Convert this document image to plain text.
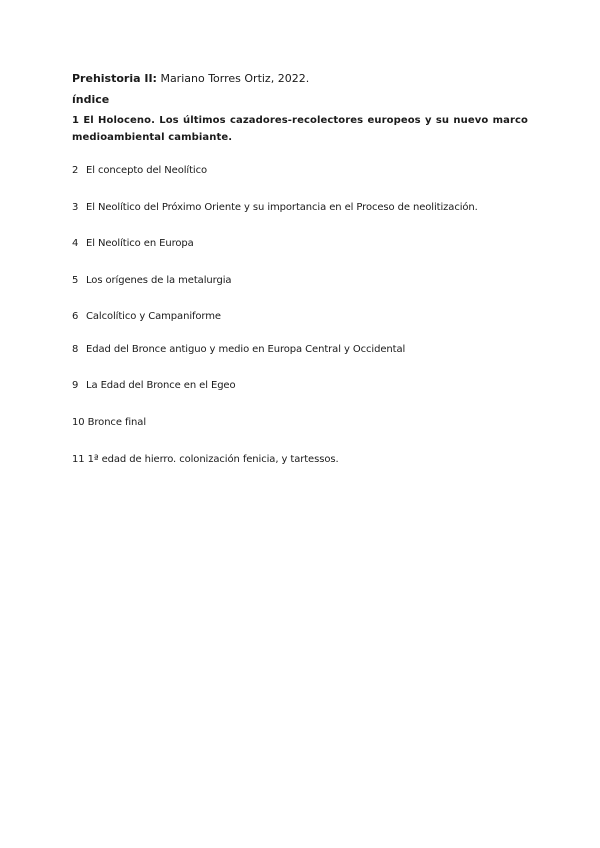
Prehistoria II: Mariano Torres Ortiz, 2022.
índice
1 El Holoceno. Los últimos cazadores-recolectores europeos y su nuevo marco medioambiental cambiante.
2 El concepto del Neolítico
3 El Neolítico del Próximo Oriente y su importancia en el Proceso de neolitización.
4 El Neolítico en Europa
5 Los orígenes de la metalurgia
6 Calcolítico y Campaniforme
8 Edad del Bronce antiguo y medio en Europa Central y Occidental
9 La Edad del Bronce en el Egeo
10 Bronce final
11 1ª edad de hierro. colonización fenicia, y tartessos.
